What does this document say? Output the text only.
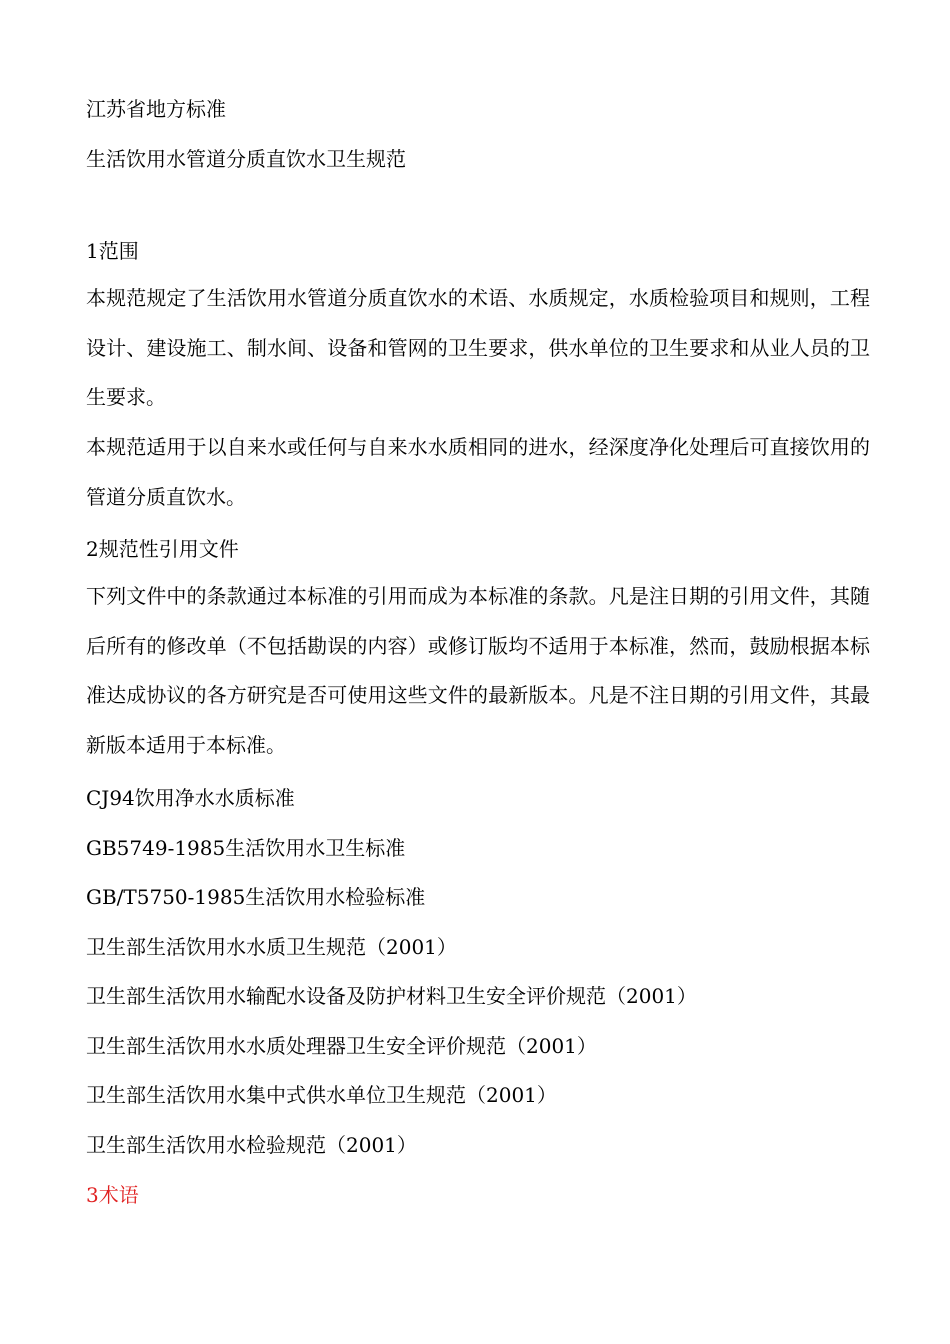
江苏省地方标准

生活饮用水管道分质直饮水卫生规范

1范围

本规范规定了生活饮用水管道分质直饮水的术语、水质规定，水质检验项目和规则，工程设计、建设施工、制水间、设备和管网的卫生要求，供水单位的卫生要求和从业人员的卫生要求。

本规范适用于以自来水或任何与自来水水质相同的进水，经深度净化处理后可直接饮用的管道分质直饮水。

2规范性引用文件

下列文件中的条款通过本标准的引用而成为本标准的条款。凡是注日期的引用文件，其随后所有的修改单（不包括勘误的内容）或修订版均不适用于本标准，然而，鼓励根据本标准达成协议的各方研究是否可使用这些文件的最新版本。凡是不注日期的引用文件，其最新版本适用于本标准。

CJ94饮用净水水质标准

GB5749-1985生活饮用水卫生标准

GB/T5750-1985生活饮用水检验标准

卫生部生活饮用水水质卫生规范（2001）

卫生部生活饮用水输配水设备及防护材料卫生安全评价规范（2001）

卫生部生活饮用水水质处理器卫生安全评价规范（2001）

卫生部生活饮用水集中式供水单位卫生规范（2001）

卫生部生活饮用水检验规范（2001）

3术语
